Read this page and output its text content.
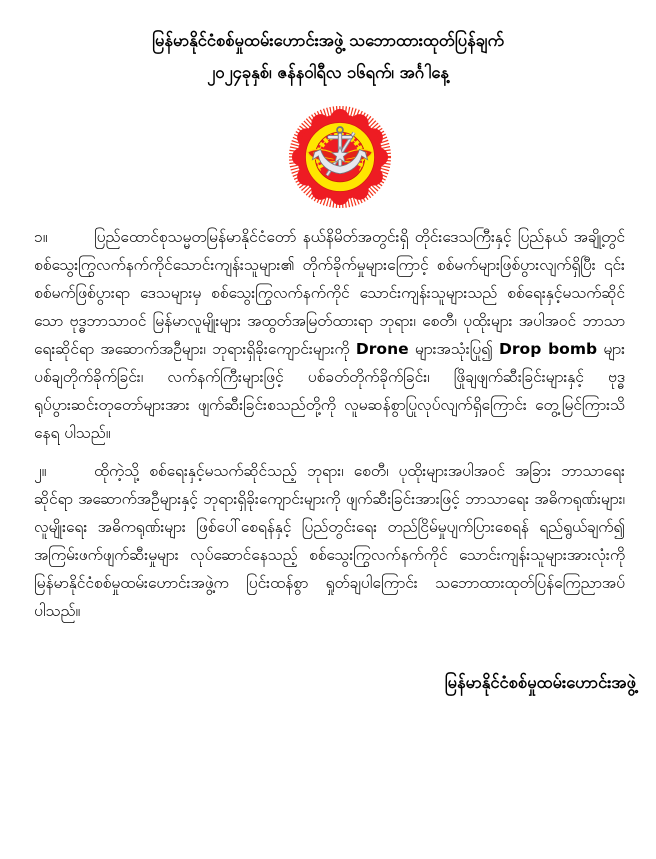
မြန်မာနိုင်ငံစစ်မှုထမ်းဟောင်းအဖွဲ့ သဘောထားထုတ်ပြန်ချက်
၂၀၂၄ခုနှစ်၊ ဇန်နဝါရီလ ၁၆ရက်၊ အင်္ဂါနေ့

၁။	ပြည်ထောင်စုသမ္မတမြန်မာနိုင်ငံတော် နယ်နိမိတ်အတွင်းရှိ တိုင်းဒေသကြီးနှင့် ပြည်နယ် အချို့တွင် စစ်သွေးကြွလက်နက်ကိုင်သောင်းကျန်းသူများ၏ တိုက်ခိုက်မှုများကြောင့် စစ်မက်များဖြစ်ပွားလျက်ရှိပြီး ၎င်းစစ်မက်ဖြစ်ပွားရာ ဒေသများမှ စစ်သွေးကြွလက်နက်ကိုင် သောင်းကျန်းသူများသည် စစ်ရေးနှင့်မသက်ဆိုင်သော ဗုဒ္ဓဘာသာဝင် မြန်မာလူမျိုးများ အထွတ်အမြတ်ထားရာ ဘုရား၊ စေတီ၊ ပုထိုးများ အပါအဝင် ဘာသာရေးဆိုင်ရာ အဆောက်အဦများ၊ ဘုရားရှိခိုးကျောင်းများကို Drone များအသုံးပြု၍ Drop bomb များ ပစ်ချတိုက်ခိုက်ခြင်း၊ လက်နက်ကြီးများဖြင့် ပစ်ခတ်တိုက်ခိုက်ခြင်း၊ ဖြိုချဖျက်ဆီးခြင်းများနှင့် ဗုဒ္ဓရုပ်ပွားဆင်းတုတော်များအား ဖျက်ဆီးခြင်းစသည်တို့ကို လူမဆန်စွာပြုလုပ်လျက်ရှိကြောင်း တွေ့မြင်ကြားသိနေရ ပါသည်။

၂။	ထိုကဲ့သို့ စစ်ရေးနှင့်မသက်ဆိုင်သည့် ဘုရား၊ စေတီ၊ ပုထိုးများအပါအဝင် အခြား ဘာသာရေးဆိုင်ရာ အဆောက်အဦများနှင့် ဘုရားရှိခိုးကျောင်းများကို ဖျက်ဆီးခြင်းအားဖြင့် ဘာသာရေး အဓိကရုဏ်းများ၊ လူမျိုးရေး အဓိကရုဏ်းများ ဖြစ်ပေါ်စေရန်နှင့် ပြည်တွင်းရေး တည်ငြိမ်မှုပျက်ပြားစေရန် ရည်ရွယ်ချက်၍ အကြမ်းဖက်ဖျက်ဆီးမှုများ လုပ်ဆောင်နေသည့် စစ်သွေးကြွလက်နက်ကိုင် သောင်းကျန်းသူများအားလုံးကို မြန်မာနိုင်ငံစစ်မှုထမ်းဟောင်းအဖွဲ့က ပြင်းထန်စွာ ရှုတ်ချပါကြောင်း သဘောထားထုတ်ပြန်ကြေညာအပ်ပါသည်။

မြန်မာနိုင်ငံစစ်မှုထမ်းဟောင်းအဖွဲ့
